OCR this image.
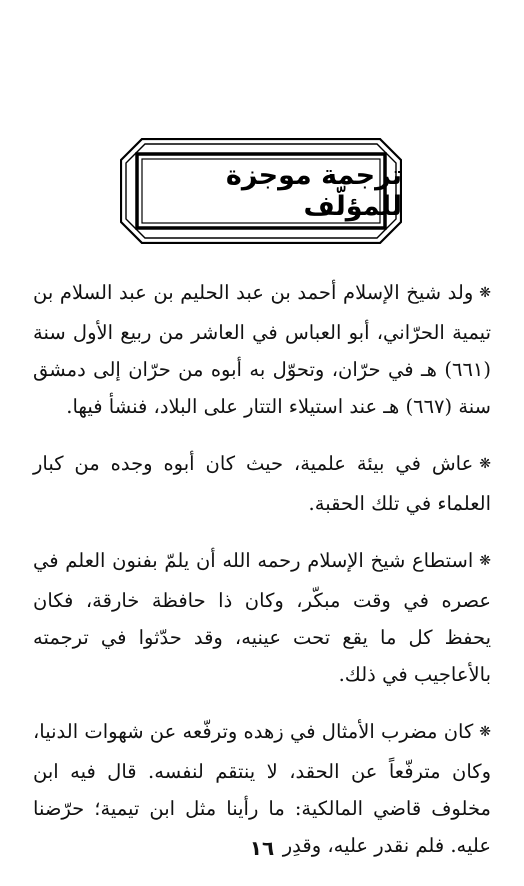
ترجمة موجزة للمؤلّف

❋ولد شيخ الإسلام أحمد بن عبد الحليم بن عبد السلام بن تيمية الحرّاني، أبو العباس في العاشر من ربيع الأول سنة (٦٦١) هـ في حرّان، وتحوّل به أبوه من حرّان إلى دمشق سنة (٦٦٧) هـ عند استيلاء التتار على البلاد، فنشأ فيها.

❋عاش في بيئة علمية، حيث كان أبوه وجده من كبار العلماء في تلك الحقبة.

❋استطاع شيخ الإسلام رحمه الله أن يلمّ بفنون العلم في عصره في وقت مبكّر، وكان ذا حافظة خارقة، فكان يحفظ كل ما يقع تحت عينيه، وقد حدّثوا في ترجمته بالأعاجيب في ذلك.

❋كان مضرب الأمثال في زهده وترفّعه عن شهوات الدنيا، وكان مترفّعاً عن الحقد، لا ينتقم لنفسه. قال فيه ابن مخلوف قاضي المالكية: ما رأينا مثل ابن تيمية؛ حرّضنا عليه. فلم نقدر عليه، وقدِر

١٦
